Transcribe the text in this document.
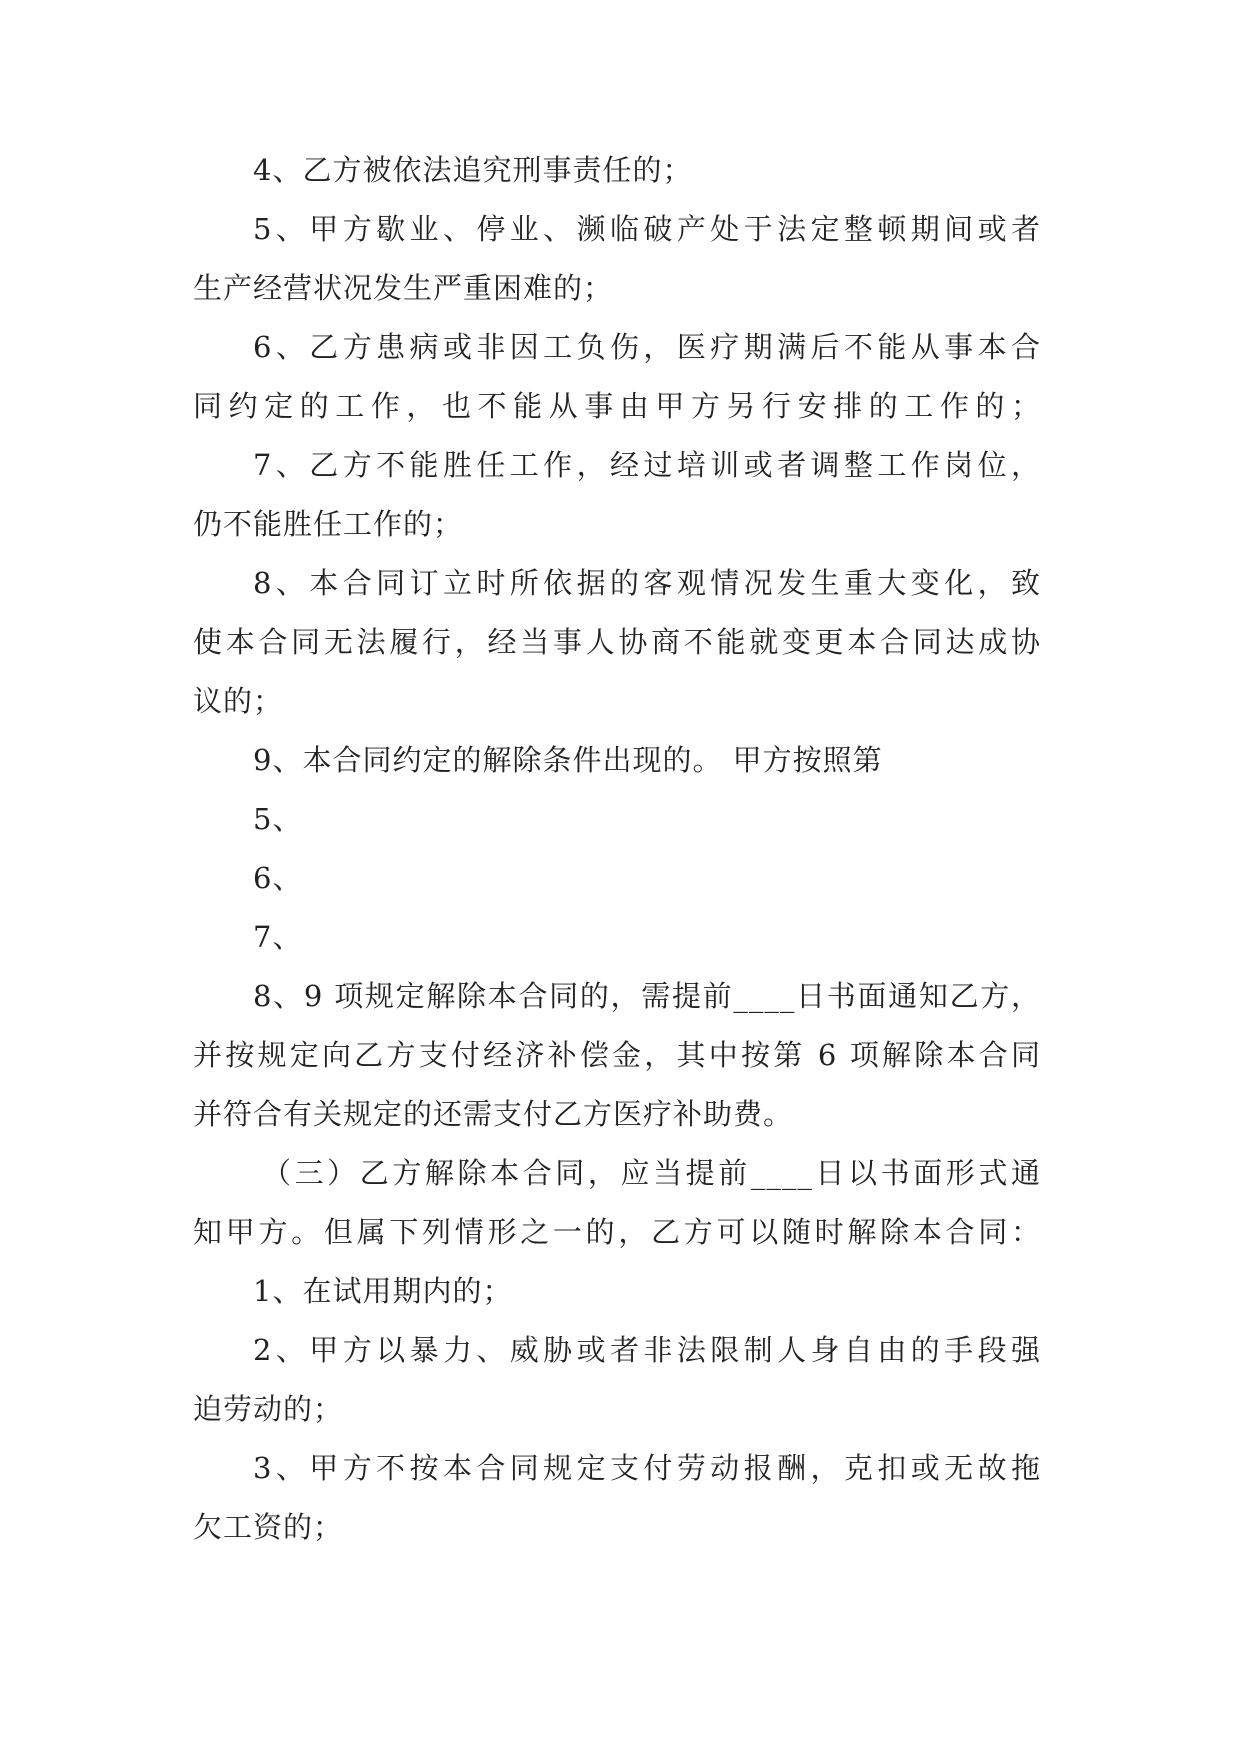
4、乙方被依法追究刑事责任的；

5、甲方歇业、停业、濒临破产处于法定整顿期间或者

生产经营状况发生严重困难的；

6、乙方患病或非因工负伤，医疗期满后不能从事本合

同约定的工作，也不能从事由甲方另行安排的工作的；

7、乙方不能胜任工作，经过培训或者调整工作岗位，

仍不能胜任工作的；

8、本合同订立时所依据的客观情况发生重大变化，致

使本合同无法履行，经当事人协商不能就变更本合同达成协

议的；

9、本合同约定的解除条件出现的。 甲方按照第

5、

6、

7、

8、9 项规定解除本合同的，需提前____日书面通知乙方，

并按规定向乙方支付经济补偿金，其中按第 6 项解除本合同

并符合有关规定的还需支付乙方医疗补助费。

（三）乙方解除本合同，应当提前____日以书面形式通

知甲方。但属下列情形之一的，乙方可以随时解除本合同：

1、在试用期内的；

2、甲方以暴力、威胁或者非法限制人身自由的手段强

迫劳动的；

3、甲方不按本合同规定支付劳动报酬，克扣或无故拖

欠工资的；
